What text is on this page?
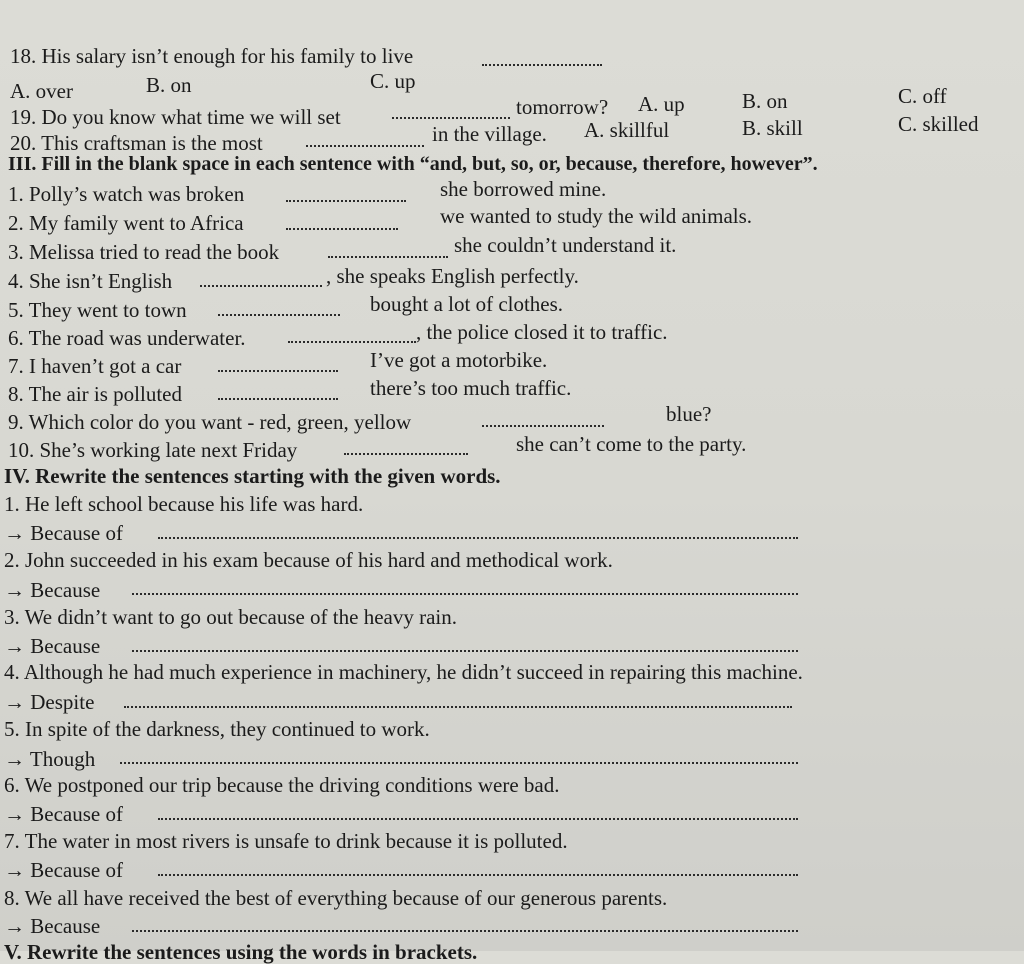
18. His salary isn’t enough for his family to live
A. over	B. on	C. up
19. Do you know what time we will set	tomorrow? A. up	B. on	C. off
20. This craftsman is the most	in the village. A. skillful	B. skill	C. skilled
III. Fill in the blank space in each sentence with “and, but, so, or, because, therefore, however”.
1. Polly’s watch was broken	she borrowed mine.
2. My family went to Africa	we wanted to study the wild animals.
3. Melissa tried to read the book	she couldn’t understand it.
4. She isn’t English	, she speaks English perfectly.
5. They went to town	bought a lot of clothes.
6. The road was underwater.	, the police closed it to traffic.
7. I haven’t got a car	I’ve got a motorbike.
8. The air is polluted	there’s too much traffic.
9. Which color do you want - red, green, yellow	blue?
10. She’s working late next Friday	she can’t come to the party.
IV. Rewrite the sentences starting with the given words.
1. He left school because his life was hard.
→ Because of
2. John succeeded in his exam because of his hard and methodical work.
→ Because
3. We didn’t want to go out because of the heavy rain.
→ Because
4. Although he had much experience in machinery, he didn’t succeed in repairing this machine.
→ Despite
5. In spite of the darkness, they continued to work.
→ Though
6. We postponed our trip because the driving conditions were bad.
→ Because of
7. The water in most rivers is unsafe to drink because it is polluted.
→ Because of
8. We all have received the best of everything because of our generous parents.
→ Because
V. Rewrite the sentences using the words in brackets.
